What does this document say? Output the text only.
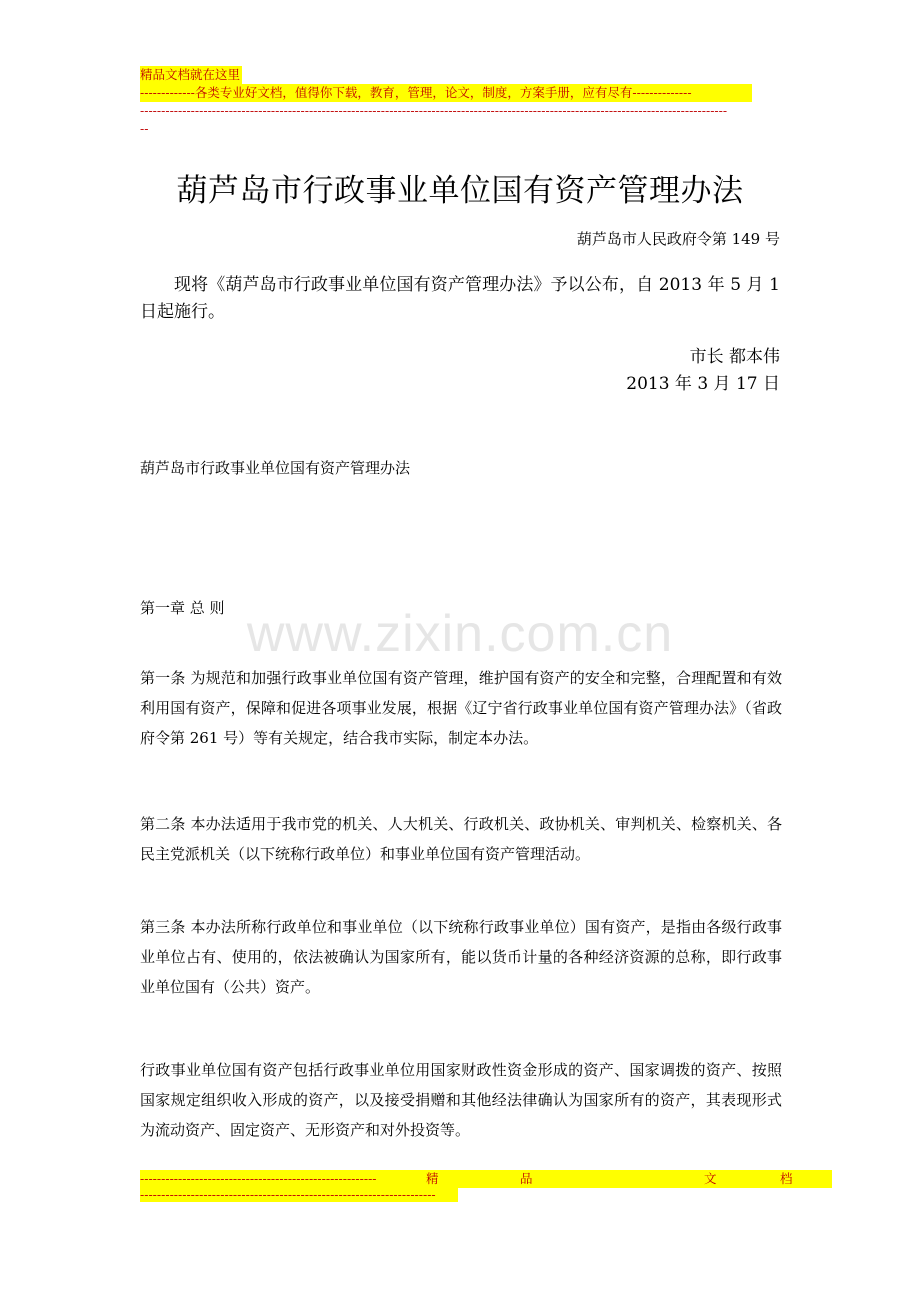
精品文档就在这里
-------------各类专业好文档，值得你下载，教育，管理，论文，制度，方案手册，应有尽有--------------
-------------------------------------------------------------------------------------------------------------------------------------------
--
www.zixin.com.cn
葫芦岛市行政事业单位国有资产管理办法
葫芦岛市人民政府令第 149 号

现将《葫芦岛市行政事业单位国有资产管理办法》予以公布，自 2013 年 5 月 1 日起施行。

市长 都本伟
2013 年 3 月 17 日

葫芦岛市行政事业单位国有资产管理办法

第一章 总 则

第一条 为规范和加强行政事业单位国有资产管理，维护国有资产的安全和完整，合理配置和有效利用国有资产，保障和促进各项事业发展，根据《辽宁省行政事业单位国有资产管理办法》（省政府令第 261 号）等有关规定，结合我市实际，制定本办法。

第二条 本办法适用于我市党的机关、人大机关、行政机关、政协机关、审判机关、检察机关、各民主党派机关（以下统称行政单位）和事业单位国有资产管理活动。

第三条 本办法所称行政单位和事业单位（以下统称行政事业单位）国有资产，是指由各级行政事业单位占有、使用的，依法被确认为国家所有，能以货币计量的各种经济资源的总称，即行政事业单位国有（公共）资产。

行政事业单位国有资产包括行政事业单位用国家财政性资金形成的资产、国家调拨的资产、按照国家规定组织收入形成的资产，以及接受捐赠和其他经法律确认为国家所有的资产，其表现形式为流动资产、固定资产、无形资产和对外投资等。

--------------------------------------------------------	精	品	文	档
----------------------------------------------------------------------
